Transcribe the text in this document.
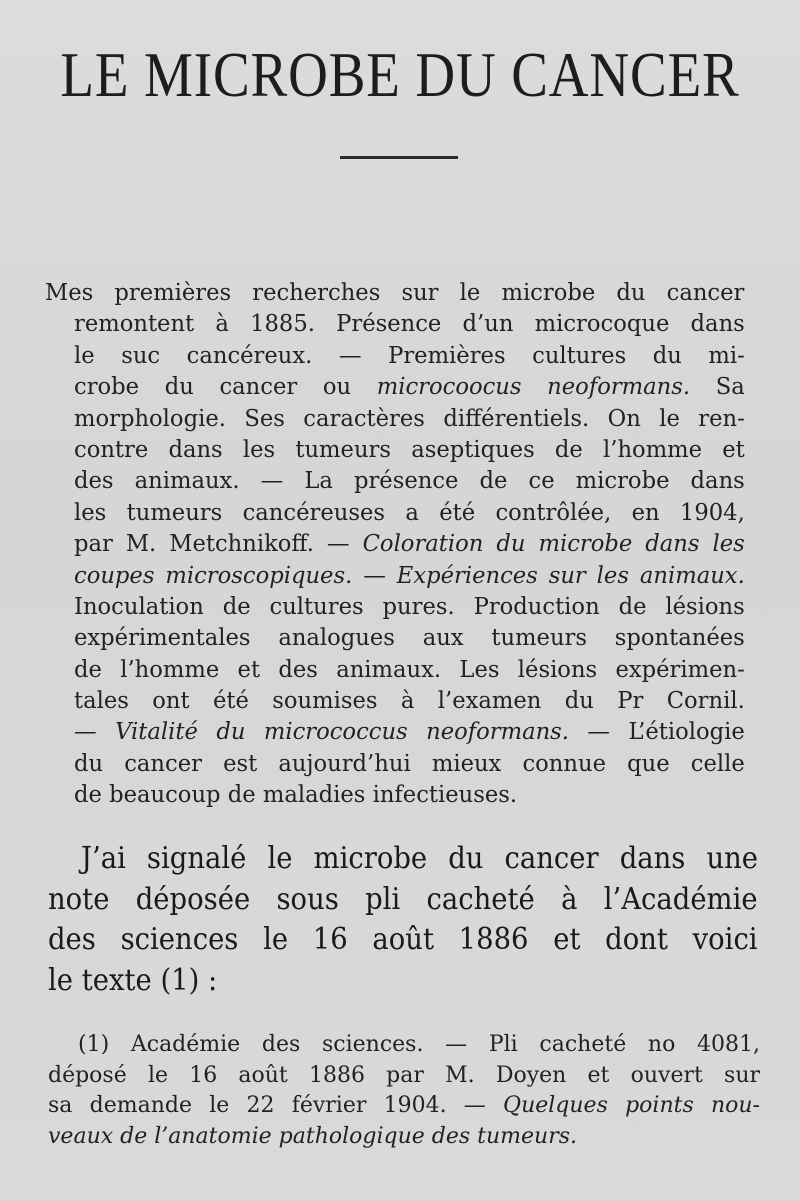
LE MICROBE DU CANCER
Mes premières recherches sur le microbe du cancer
remontent à 1885. Présence d’un microcoque dans
le suc cancéreux. — Premières cultures du mi-
crobe du cancer ou microcoocus neoformans. Sa
morphologie. Ses caractères différentiels. On le ren-
contre dans les tumeurs aseptiques de l’homme et
des animaux. — La présence de ce microbe dans
les tumeurs cancéreuses a été contrôlée, en 1904,
par M. Metchnikoff. — Coloration du microbe dans les
coupes microscopiques. — Expériences sur les animaux.
Inoculation de cultures pures. Production de lésions
expérimentales analogues aux tumeurs spontanées
de l’homme et des animaux. Les lésions expérimen-
tales ont été soumises à l’examen du Pr Cornil.
— Vitalité du micrococcus neoformans. — L’étiologie
du cancer est aujourd’hui mieux connue que celle
de beaucoup de maladies infectieuses.
J’ai signalé le microbe du cancer dans une
note déposée sous pli cacheté à l’Académie
des sciences le 16 août 1886 et dont voici
le texte (1) :
(1) Académie des sciences. — Pli cacheté no 4081,
déposé le 16 août 1886 par M. Doyen et ouvert sur
sa demande le 22 février 1904. — Quelques points nou-
veaux de l’anatomie pathologique des tumeurs.
